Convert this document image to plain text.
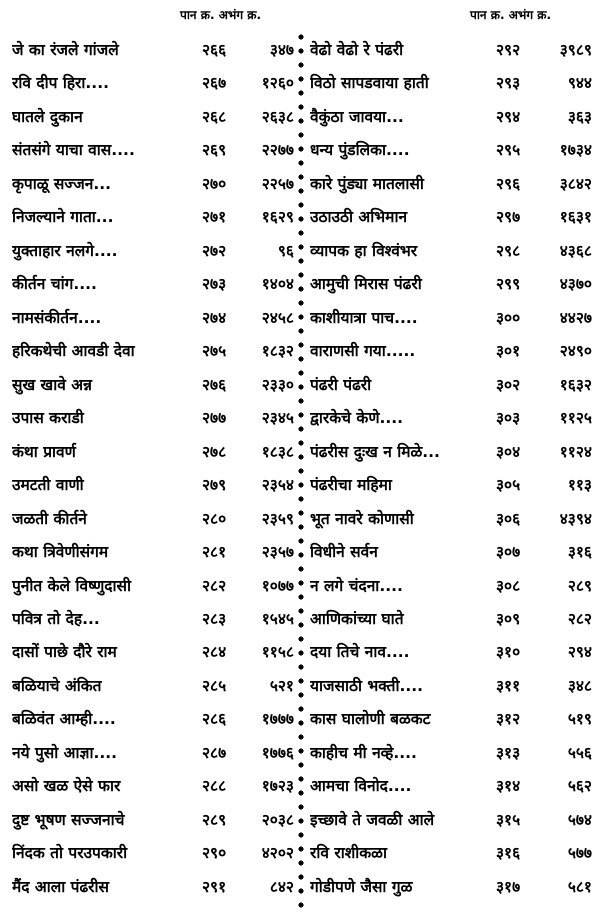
पान क्र. अभंग क्र.	पान क्र. अभंग क्र.
जे का रंजले गांजले	२६६	३४७
रवि दीप हिरा....	२६७	१२६०
घातले दुकान	२६८	२६३८
संतसंगे याचा वास....	२६९	२२७७
कृपाळू सज्जन...	२७०	२२५७
निजल्याने गाता...	२७१	१६२९
युक्ताहार नलगे....	२७२	९६
कीर्तन चांग....	२७३	१४०४
नामसंकीर्तन....	२७४	२४५८
हरिकथेची आवडी देवा	२७५	१८३२
सुख खावे अन्न	२७६	२३३०
उपास कराडी	२७७	२३४५
कंथा प्रावर्ण	२७८	१८३८
उमटती वाणी	२७९	२३५४
जळती कीर्तने	२८०	२३५९
कथा त्रिवेणीसंगम	२८१	२३५७
पुनीत केले विष्णुदासी	२८२	१०७७
पवित्र तो देह...	२८३	१५४५
दासों पाछे दौरे राम	२८४	११५८
बळियाचे अंकित	२८५	५२१
बळिवंत आम्ही....	२८६	१७७७
नये पुसो आज्ञा....	२८७	१७७६
असो खळ ऐसे फार	२८८	१७२३
दुष्ट भूषण सज्जनाचे	२८९	२०३८
निंदक तो परउपकारी	२९०	४२०२
मैंद आला पंढरीस	२९१	८४२
वेढो वेढो रे पंढरी	२९२	३९८९
विठो सापडवाया हाती	२९३	९४४
वैकुंठा जावया...	२९४	३६३
धन्य पुंडलिका....	२९५	१७३४
कारे पुंड्या मातलासी	२९६	३८४२
उठाउठी अभिमान	२९७	१६३१
व्यापक हा विश्वंभर	२९८	४३६८
आमुची मिरास पंढरी	२९९	४३७०
काशीयात्रा पाच....	३००	४४२७
वाराणसी गया.....	३०१	२४९०
पंढरी पंढरी	३०२	१६३२
द्वारकेचे केणे....	३०३	११२५
पंढरीस दुःख न मिळे...	३०४	११२४
पंढरीचा महिमा	३०५	११३
भूत नावरे कोणासी	३०६	४३९४
विधीने सर्वन	३०७	३१६
न लगे चंदना....	३०८	२८९
आणिकांच्या घाते	३०९	२८२
दया तिचे नाव....	३१०	२९४
याजसाठी भक्ती....	३११	३४८
कास घालोणी बळकट	३१२	५१९
काहीच मी नव्हे....	३१३	५५६
आमचा विनोद....	३१४	५६२
इच्छावे ते जवळी आले	३१५	५७४
रवि राशीकळा	३१६	५७७
गोडीपणे जैसा गुळ	३१७	५८१
